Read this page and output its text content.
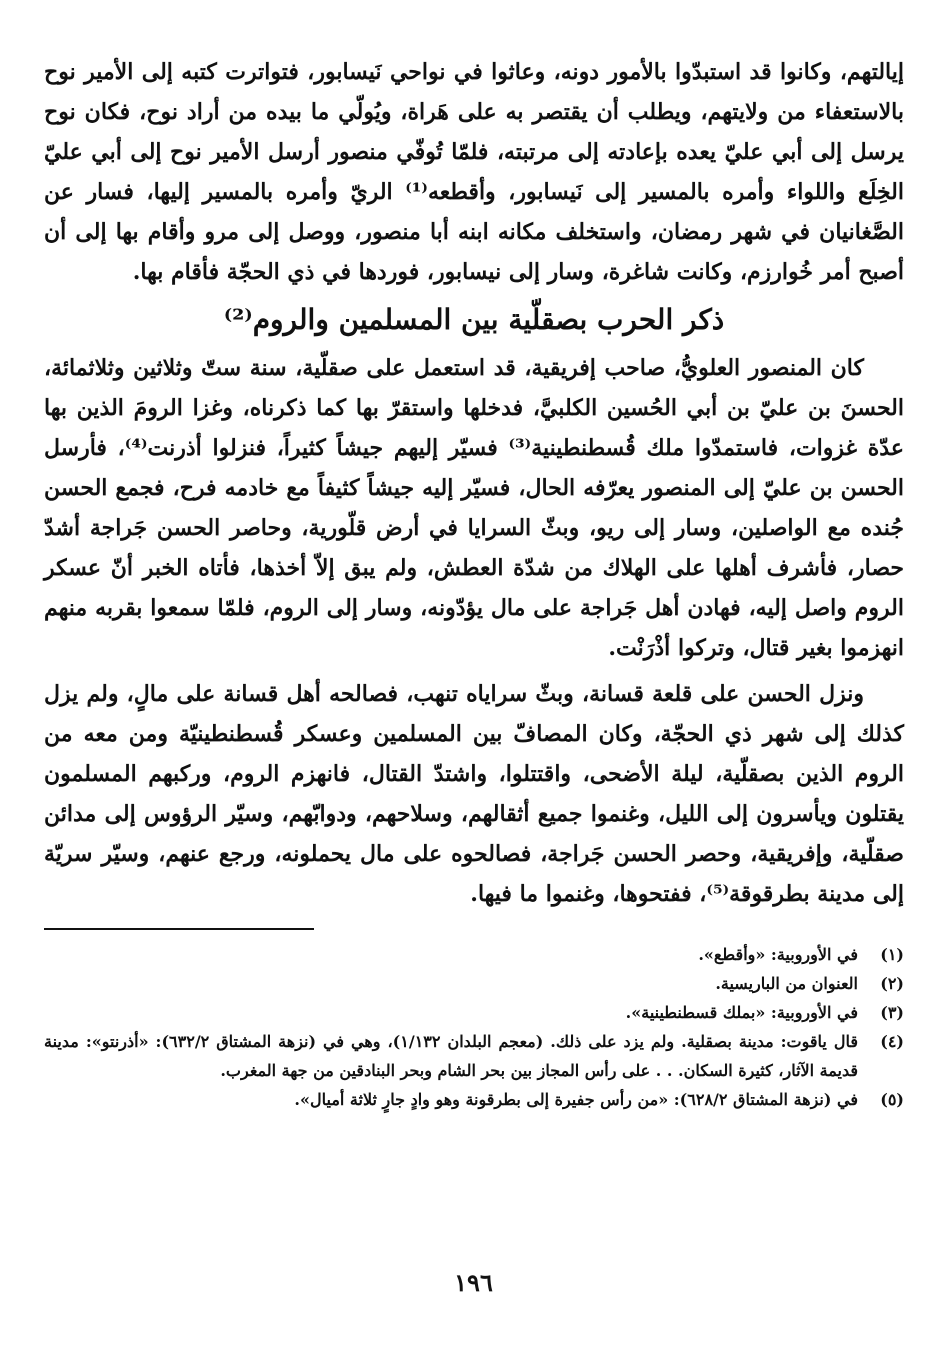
إيالتهم، وكانوا قد استبدّوا بالأمور دونه، وعاثوا في نواحي نَيسابور، فتواترت كتبه إلى الأمير نوح بالاستعفاء من ولايتهم، ويطلب أن يقتصر به على هَراة، ويُولّي ما بيده من أراد نوح، فكان نوح يرسل إلى أبي عليّ يعده بإعادته إلى مرتبته، فلمّا تُوفّي منصور أرسل الأمير نوح إلى أبي عليّ الخِلَع واللواء وأمره بالمسير إلى نَيسابور، وأقطعه⁽¹⁾ الريّ وأمره بالمسير إليها، فسار عن الصَّغانيان في شهر رمضان، واستخلف مكانه ابنه أبا منصور، ووصل إلى مرو وأقام بها إلى أن أصبح أمر خُوارزم، وكانت شاغرة، وسار إلى نيسابور، فوردها في ذي الحجّة فأقام بها.

ذكر الحرب بصقلّية بين المسلمين والروم⁽²⁾

كان المنصور العلويُّ، صاحب إفريقية، قد استعمل على صقلّية، سنة ستّ وثلاثين وثلاثمائة، الحسنَ بن عليّ بن أبي الحُسين الكلبيَّ، فدخلها واستقرّ بها كما ذكرناه، وغزا الرومَ الذين بها عدّة غزوات، فاستمدّوا ملك قُسطنطينية⁽³⁾ فسيّر إليهم جيشاً كثيراً، فنزلوا أذرنت⁽⁴⁾، فأرسل الحسن بن عليّ إلى المنصور يعرّفه الحال، فسيّر إليه جيشاً كثيفاً مع خادمه فرح، فجمع الحسن جُنده مع الواصلين، وسار إلى ريو، وبثّ السرايا في أرض قلّورية، وحاصر الحسن جَراجة أشدّ حصار، فأشرف أهلها على الهلاك من شدّة العطش، ولم يبق إلاّ أخذها، فأتاه الخبر أنّ عسكر الروم واصل إليه، فهادن أهل جَراجة على مال يؤدّونه، وسار إلى الروم، فلمّا سمعوا بقربه منهم انهزموا بغير قتال، وتركوا أذْرَنْت.

ونزل الحسن على قلعة قسانة، وبثّ سراياه تنهب، فصالحه أهل قسانة على مالٍ، ولم يزل كذلك إلى شهر ذي الحجّة، وكان المصافّ بين المسلمين وعسكر قُسطنطينيّة ومن معه من الروم الذين بصقلّية، ليلة الأضحى، واقتتلوا، واشتدّ القتال، فانهزم الروم، وركبهم المسلمون يقتلون ويأسرون إلى الليل، وغنموا جميع أثقالهم، وسلاحهم، ودوابّهم، وسيّر الرؤوس إلى مدائن صقلّية، وإفريقية، وحصر الحسن جَراجة، فصالحوه على مال يحملونه، ورجع عنهم، وسيّر سريّة إلى مدينة بطرقوقة⁽⁵⁾، ففتحوها، وغنموا ما فيها.

(١)
في الأوروبية: «وأقطع».
(٢)
العنوان من الباريسية.
(٣)
في الأوروبية: «بملك قسطنطينية».
(٤)
قال ياقوت: مدينة بصقلية. ولم يزد على ذلك. (معجم البلدان ١/١٣٢)، وهي في (نزهة المشتاق ٦٣٢/٢): «أذرنتو»: مدينة قديمة الآثار، كثيرة السكان. . . على رأس المجاز بين بحر الشام وبحر البنادقين من جهة المغرب.
(٥)
في (نزهة المشتاق ٦٢٨/٢): «من رأس جفيرة إلى بطرقونة وهو وادٍ جارٍ ثلاثة أميال».
١٩٦
